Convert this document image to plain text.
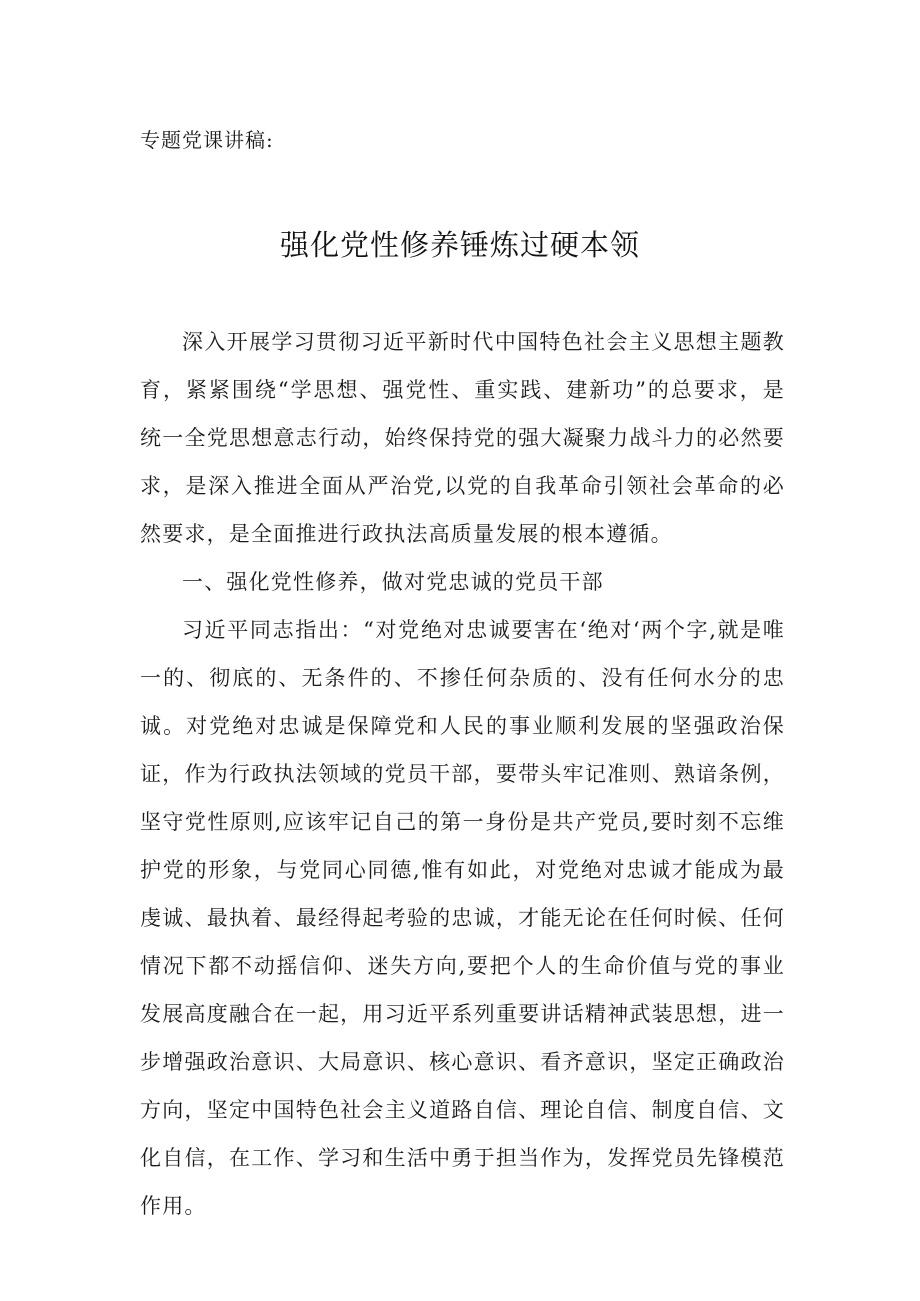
专题党课讲稿:
强化党性修养锤炼过硬本领

深入开展学习贯彻习近平新时代中国特色社会主义思想主题教育，紧紧围绕“学思想、强党性、重实践、建新功”的总要求，是统一全党思想意志行动，始终保持党的强大凝聚力战斗力的必然要求，是深入推进全面从严治党,以党的自我革命引领社会革命的必然要求，是全面推进行政执法高质量发展的根本遵循。

一、强化党性修养，做对党忠诚的党员干部

习近平同志指出：“对党绝对忠诚要害在‘绝对‘两个字,就是唯一的、彻底的、无条件的、不掺任何杂质的、没有任何水分的忠诚。对党绝对忠诚是保障党和人民的事业顺利发展的坚强政治保证，作为行政执法领域的党员干部，要带头牢记准则、熟谙条例，坚守党性原则,应该牢记自己的第一身份是共产党员,要时刻不忘维护党的形象，与党同心同德,惟有如此，对党绝对忠诚才能成为最虔诚、最执着、最经得起考验的忠诚，才能无论在任何时候、任何情况下都不动摇信仰、迷失方向,要把个人的生命价值与党的事业发展高度融合在一起，用习近平系列重要讲话精神武装思想，进一步增强政治意识、大局意识、核心意识、看齐意识，坚定正确政治方向，坚定中国特色社会主义道路自信、理论自信、制度自信、文化自信，在工作、学习和生活中勇于担当作为，发挥党员先锋模范作用。
